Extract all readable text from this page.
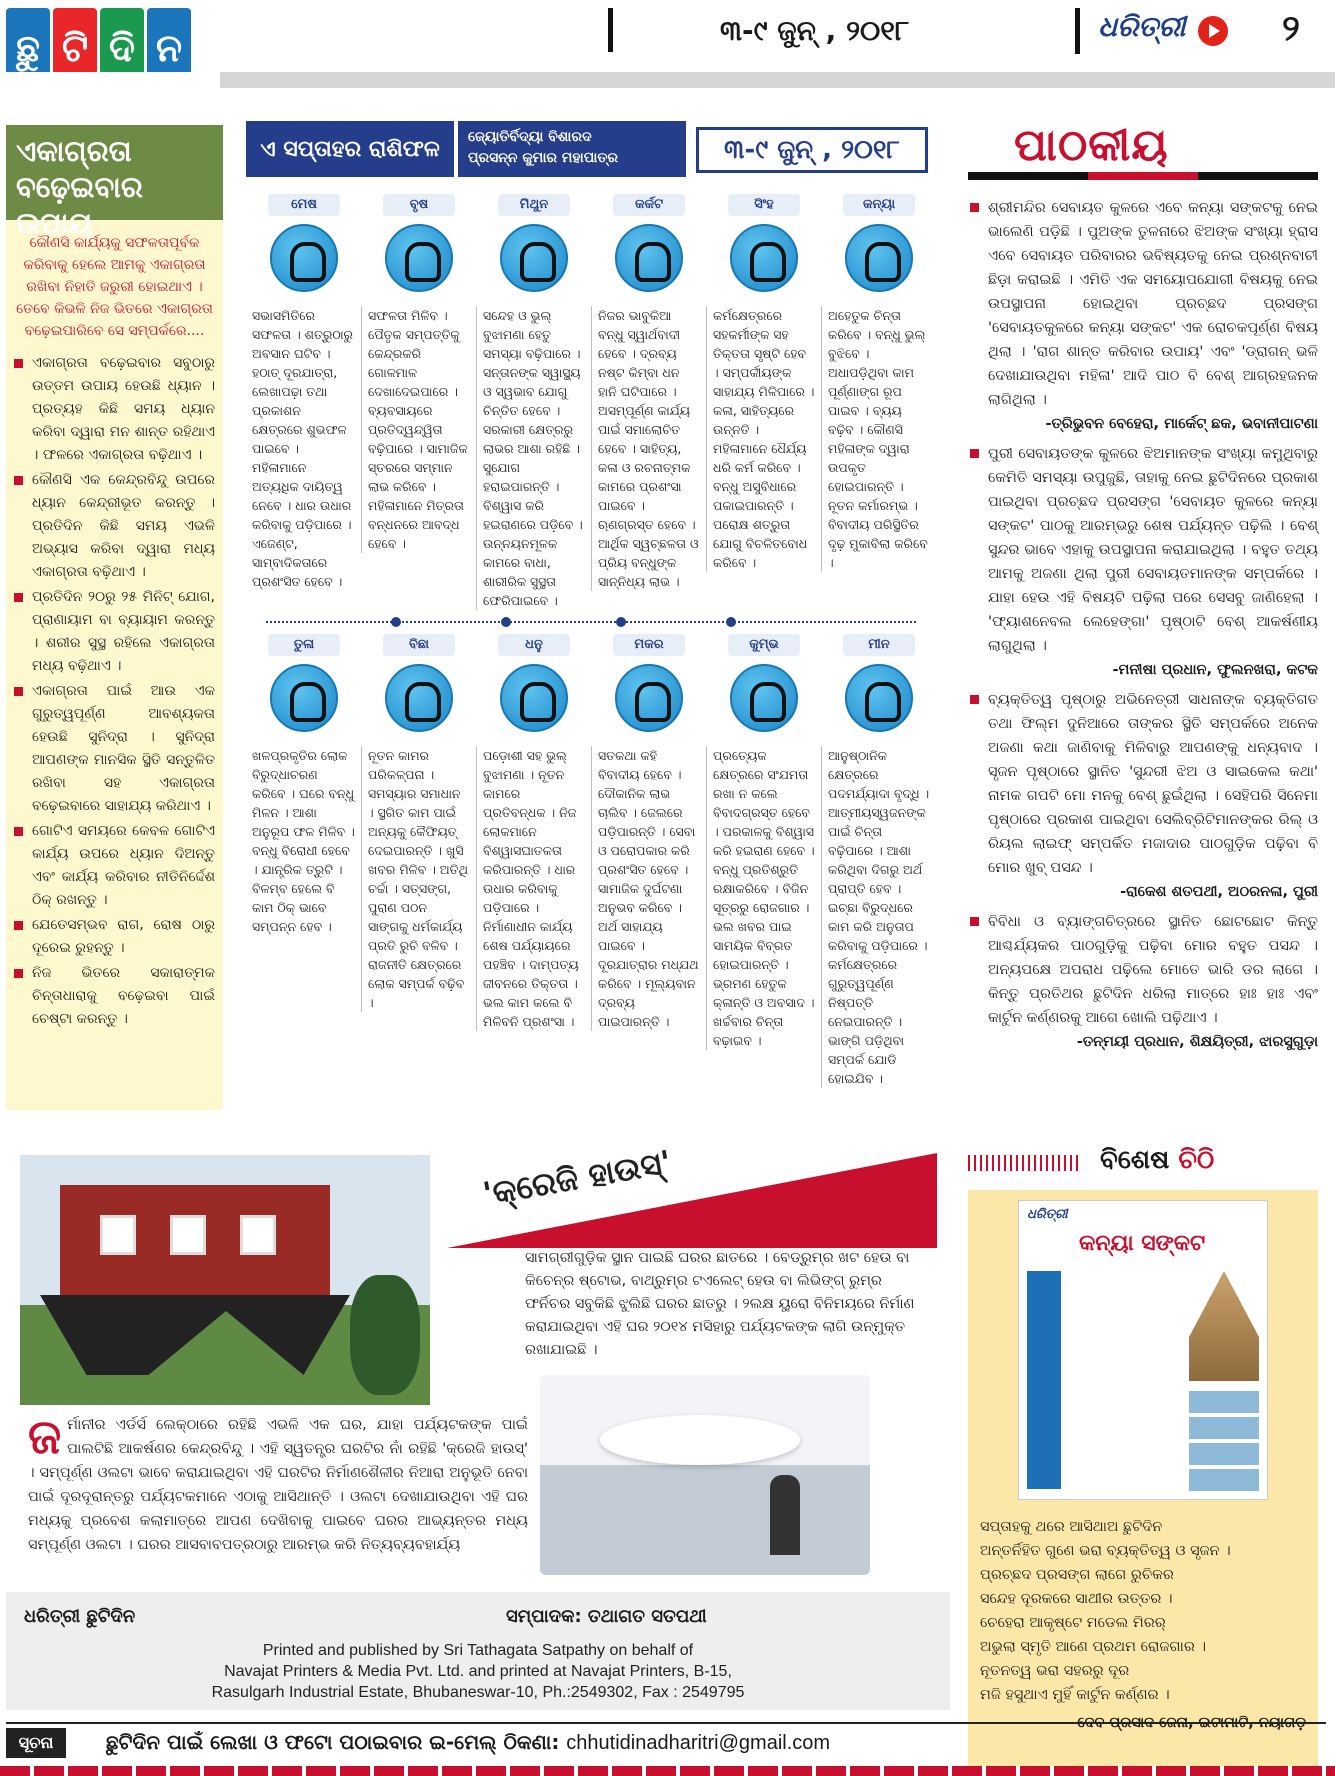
ଛୁ ଟି ଦି ନ	୩-୯ ଜୁନ୍ , ୨୦୧୮	ଧରିତ୍ରୀ	୨
ଏକାଗ୍ରତା ବଢ଼େଇବାର ଉପାୟ

କୌଣସି କାର୍ଯ୍ୟକୁ ସଫଳତାପୂର୍ବକ କରିବାକୁ ହେଲେ ଆମକୁ ଏକାଗ୍ରତା ରଖିବା ନିହାତି ଜରୁରୀ ହୋଇଥାଏ । ତେବେ କିଭଳି ନିଜ ଭିତରେ ଏକାଗ୍ରତା ବଢ଼େଇପାରିବେ ସେ ସମ୍ପର୍କରେ....

ଏକାଗ୍ରତା ବଢ଼େଇବାର ସବୁଠାରୁ ଉତ୍ତମ ଉପାୟ ହେଉଛି ଧ୍ୟାନ । ପ୍ରତ୍ୟହ କିଛି ସମୟ ଧ୍ୟାନ କରିବା ଦ୍ୱାରା ମନ ଶାନ୍ତ ରହିଥାଏ । ଫଳରେ ଏକାଗ୍ରତା ବଢ଼ିଥାଏ ।
କୌଣସି ଏକ କେନ୍ଦ୍ରବିନ୍ଦୁ ଉପରେ ଧ୍ୟାନ କେନ୍ଦ୍ରୀଭୂତ କରନ୍ତୁ । ପ୍ରତିଦିନ କିଛି ସମୟ ଏଭଳି ଅଭ୍ୟାସ କରିବା ଦ୍ୱାରା ମଧ୍ୟ ଏକାଗ୍ରତା ବଢ଼ିଥାଏ ।
ପ୍ରତିଦିନ ୨୦ରୁ ୨୫ ମିନିଟ୍ ଯୋଗ, ପ୍ରାଣାୟାମ ବା ବ୍ୟାୟାମ କରନ୍ତୁ । ଶରୀର ସୁସ୍ଥ ରହିଲେ ଏକାଗ୍ରତା ମଧ୍ୟ ବଢ଼ିଥାଏ ।
ଏକାଗ୍ରତା ପାଇଁ ଆଉ ଏକ ଗୁରୁତ୍ୱପୂର୍ଣ୍ଣ ଆବଶ୍ୟକତା ହେଉଛି ସୁନିଦ୍ରା । ସୁନିଦ୍ରା ଆପଣଙ୍କ ମାନସିକ ସ୍ଥିତି ସନ୍ତୁଳିତ ରଖିବା ସହ ଏକାଗ୍ରତା ବଢ଼େଇବାରେ ସାହାଯ୍ୟ କରିଥାଏ ।
ଗୋଟିଏ ସମୟରେ କେବଳ ଗୋଟିଏ କାର୍ଯ୍ୟ ଉପରେ ଧ୍ୟାନ ଦିଅନ୍ତୁ ଏବଂ କାର୍ଯ୍ୟ କରିବାର ନୀତିନିର୍ଦ୍ଦେଶ ଠିକ୍ ରଖନ୍ତୁ ।
ଯେତେସମ୍ଭବ ରାଗ, ରୋଷ ଠାରୁ ଦୂରେଇ ରୁହନ୍ତୁ ।
ନିଜ ଭିତରେ ସକାରାତ୍ମକ ଚିନ୍ତାଧାରାକୁ ବଢ଼େଇବା ପାଇଁ ଚେଷ୍ଟା କରନ୍ତୁ ।
ଏ ସପ୍ତାହର ରାଶିଫଳ	ଜ୍ୟୋତିର୍ବିଦ୍ୟା ବିଶାରଦ
ପ୍ରସନ୍ନ କୁମାର ମହାପାତ୍ର	୩-୯ ଜୁନ୍ , ୨୦୧୮
ମେଷ

ସଭାସମିତିରେ ସଫଳତା । ଶତ୍ରୁଠାରୁ ଅବସାନ ଘଟିବ । ହଠାତ୍ ଦୂରଯାତ୍ରା, ଲେଖାପଢ଼ା ତଥା ପ୍ରକାଶନ କ୍ଷେତ୍ରରେ ଶୁଭଫଳ ପାଇବେ । ମହିଳାମାନେ ଅତ୍ୟଧିକ ଦାୟିତ୍ୱ ନେବେ । ଧାର ଉଧାର କରିବାକୁ ପଡ଼ିପାରେ । ଏଜେଣ୍ଟ, ସାମ୍ବାଦିକତାରେ ପ୍ରଶଂସିତ ହେବେ ।

ବୃଷ

ସଫଳତା ମିଳିବ । ପୈତୃକ ସମ୍ପତ୍ତିକୁ କେନ୍ଦ୍ରକରି ଗୋଳମାଳ ଦେଖାଦେଇପାରେ । ବ୍ୟବସାୟରେ ପ୍ରତିଦ୍ୱନ୍ଦ୍ୱିତା ବଢ଼ିପାରେ । ସାମାଜିକ ସ୍ତରରେ ସମ୍ମାନ ଲାଭ କରିବେ । ମହିଳାମାନେ ମିତ୍ରତା ବନ୍ଧନରେ ଆବଦ୍ଧ ହେବେ ।

ମିଥୁନ

ସନ୍ଦେହ ଓ ଭୁଲ୍ ବୁଝାମଣା ହେତୁ ସମସ୍ୟା ବଢ଼ିପାରେ । ସନ୍ତାନଙ୍କ ସ୍ୱାସ୍ଥ୍ୟ ଓ ସ୍ୱଭାବ ଯୋଗୁ ଚିନ୍ତିତ ହେବେ । ସରକାରୀ କ୍ଷେତ୍ରରୁ ଲାଭର ଆଶା ରହିଛି । ସୁଯୋଗ ହରାଇପାରନ୍ତି । ବିଶ୍ୱାସ କରି ହଇରାଣରେ ପଡ଼ିବେ । ଉନ୍ନୟନମୂଳକ କାମରେ ବାଧା, ଶାରୀରିକ ସୁସ୍ଥତା ଫେରିପାଇବେ ।

କର୍କଟ

ନିଜର ଭାବୁକିଆ ବନ୍ଧୁ ସ୍ୱାର୍ଥବାଦୀ ହେବେ । ଦ୍ରବ୍ୟ ନଷ୍ଟ କିମ୍ବା ଧନ ହାନି ଘଟିପାରେ । ଅସମ୍ପୂର୍ଣ୍ଣ କାର୍ଯ୍ୟ ପାଇଁ ସମାଲୋଚିତ ହେବେ । ସାହିତ୍ୟ, କଳା ଓ ରଚନାତ୍ମକ କାମରେ ପ୍ରଶଂସା ପାଇବେ । ଋଣଗ୍ରସ୍ତ ହେବେ । ଆର୍ଥିକ ସ୍ୱଚ୍ଛଳତା ଓ ପ୍ରିୟ ବନ୍ଧୁଙ୍କ ସାନ୍ନିଧ୍ୟ ଲାଭ ।

ସିଂହ

କର୍ମକ୍ଷେତ୍ରରେ ସହକର୍ମୀଙ୍କ ସହ ତିକ୍ତତା ସୃଷ୍ଟି ହେବ । ସମ୍ପର୍କୀୟଙ୍କ ସାହାଯ୍ୟ ମିଳିପାରେ । କଳା, ସାହିତ୍ୟରେ ଉନ୍ନତି । ମହିଳାମାନେ ଧୈର୍ଯ୍ୟ ଧରି କର୍ମ କରିବେ । ବନ୍ଧୁ ଅସୁବିଧାରେ ପକାଇପାରନ୍ତି । ପରୋକ୍ଷ ଶତ୍ରୁତା ଯୋଗୁ ବିଚଳିତବୋଧ କରିବେ ।

କନ୍ୟା

ଅହେତୁକ ଚିନ୍ତା କରିବେ । ବନ୍ଧୁ ଭୁଲ୍ ବୁଝିବେ । ଅଧାପଡ଼ିଥିବା କାମ ପୂର୍ଣ୍ଣାଙ୍ଗ ରୂପ ପାଇବ । ବ୍ୟୟ ବଢ଼ିବ । କୌଣସି ମହିଳାଙ୍କ ଦ୍ୱାରା ଉପକୃତ ହୋଇପାରନ୍ତି । ନୂତନ କର୍ମାରମ୍ଭ । ବିବାଦୀୟ ପରିସ୍ଥିତିର ଦୃଢ଼ ମୁକାବିଲା କରିବେ ।

ତୁଳା

ଖଳପ୍ରକୃତିର ଲୋକ ବିରୁଦ୍ଧାଚରଣ କରିବେ । ଘରେ ବନ୍ଧୁ ମିଳନ । ଆଶା ଅନୁରୂପ ଫଳ ମିଳିବ । ବନ୍ଧୁ ବିରୋଧୀ ହେବେ । ଯାନ୍ତ୍ରିକ ତ୍ରୁଟି । ବିଳମ୍ବ ହେଲେ ବି କାମ ଠିକ୍ ଭାବେ ସମ୍ପନ୍ନ ହେବ ।

ବିଛା

ନୂତନ କାମର ପରିକଳ୍ପନା । ସମସ୍ୟାର ସମାଧାନ । ସ୍ଥଗିତ କାମ ପାଇଁ ଅନ୍ୟକୁ କୈଫିୟତ୍ ଦେଇପାରନ୍ତି । ଖୁସି ଖବର ମିଳିବ । ଅତିଥି ଚର୍ଚ୍ଚା । ସତ୍ସଙ୍ଗ, ପୁରାଣ ପଠନ ସାଙ୍ଗକୁ ଧର୍ମକାର୍ଯ୍ୟ ପ୍ରତି ରୁଚି ବଳିବ । ରାଜନୀତି କ୍ଷେତ୍ରରେ ଲୋକ ସମ୍ପର୍କ ବଢ଼ିବ ।

ଧନୁ

ପଡ଼ୋଶୀ ସହ ଭୁଲ୍ ବୁଝାମଣା । ନୂତନ କାମରେ ପ୍ରତିବନ୍ଧକ । ନିଜ ଲୋକମାନେ ବିଶ୍ୱାସଘାତକତା କରିପାରନ୍ତି । ଧାର ଉଧାର କରିବାକୁ ପଡ଼ିପାରେ । ନିର୍ମାଣାଧୀନ କାର୍ଯ୍ୟ ଶେଷ ପର୍ଯ୍ୟାୟରେ ପହଞ୍ଚିବ । ଦାମ୍ପତ୍ୟ ଜୀବନରେ ତିକ୍ତତା । ଭଲ କାମ କଲେ ବି ମିଳିବନି ପ୍ରଶଂସା ।

ମକର

ସତକଥା କହି ବିବାଦୀୟ ହେବେ । ଦୌକାନିକ ଲାଭ ଚାଲିବ । ଜେଲରେ ପଡ଼ିପାରନ୍ତି । ସେବା ଓ ପରୋପକାର କରି ପ୍ରଶଂସିତ ହେବେ । ସାମାଜିକ ଦୁର୍ଘଟଣା ଅନୁଭବ କରିବେ । ଅର୍ଥ ସାହାଯ୍ୟ ପାଇବେ । ଦୂରଯାତ୍ରାର ମଧ୍ଯଥ କରିବେ । ମୂଲ୍ୟବାନ ଦ୍ରବ୍ୟ ପାଇପାରନ୍ତି ।

କୁମ୍ଭ

ପ୍ରତ୍ୟେକ କ୍ଷେତ୍ରରେ ସଂଯମତା ରଖା ନ କଲେ ବିବାଦଗ୍ରସ୍ତ ହେବେ । ପରକାଳକୁ ବିଶ୍ୱାସ କରି ହଇରାଣ ହେବେ । ବନ୍ଧୁ ପ୍ରତିଶ୍ରୁତି ରକ୍ଷାକରିବେ । ବିଜିନ ସୂତ୍ରରୁ ରୋଜଗାର । ଭଲ ଖବର ପାଇ ସାମୟିକ ବିବ୍ରତ ହୋଇପାରନ୍ତି । ଭ୍ରମଣ ହେତୁକ କ୍ଳାନ୍ତି ଓ ଅବସାଦ । ଖର୍ଚ୍ଚବାର ଚିନ୍ତା ବଢ଼ାଇବ ।

ମୀନ

ଆନୁଷ୍ଠାନିକ କ୍ଷେତ୍ରରେ ପଦମର୍ଯ୍ୟାଦା ବୃଦ୍ଧି । ଆତ୍ମୀୟସ୍ୱଜନଙ୍କ ପାଇଁ ଚିନ୍ତା ବଢ଼ିପାରେ । ଆଶା କରିଥିବା ଦିଗରୁ ଅର୍ଥ ପ୍ରାପ୍ତି ହେବ । ଇଚ୍ଛା ବିରୁଦ୍ଧରେ କାମ କରି ଅନୁତାପ କରିବାକୁ ପଡ଼ିପାରେ । କର୍ମକ୍ଷେତ୍ରରେ ଗୁରୁତ୍ୱପୂର୍ଣ୍ଣ ନିଷ୍ପତ୍ତି ନେଇପାରନ୍ତି । ଭାଙ୍ଗି ପଡ଼ିଥିବା ସମ୍ପର୍କ ଯୋଡି ହୋଇଯିବ ।

ପାଠକୀୟ

ଶ୍ରୀମନ୍ଦିର ସେବାୟତ କୁଳରେ ଏବେ କନ୍ୟା ସଙ୍କଟକୁ ନେଇ ଭାଲେଣି ପଡ଼ିଛି । ପୁଅଙ୍କ ତୁଳନାରେ ଝିଅଙ୍କ ସଂଖ୍ୟା ହ୍ରାସ ଏବେ ସେବାୟତ ପରିବାରର ଭବିଷ୍ୟତକୁ ନେଇ ପ୍ରଶ୍ନବାଚୀ ଛିଡ଼ା କରାଇଛି । ଏମିତି ଏକ ସମୟୋପଯୋଗୀ ବିଷୟକୁ ନେଇ ଉପସ୍ଥାପନା ହୋଇଥିବା ପ୍ରଚ୍ଛଦ ପ୍ରସଙ୍ଗ 'ସେବାୟତକୁଳରେ କନ୍ୟା ସଙ୍କଟ' ଏକ ରୋଚକପୂର୍ଣ୍ଣ ବିଷୟ ଥିଲା । 'ରାଗ ଶାନ୍ତ କରିବାର ଉପାୟ' ଏବଂ 'ଡ୍ରାଗନ୍ ଭଳି ଦେଖାଯାଉଥିବା ମହିଳା' ଆଦି ପାଠ ବି ବେଶ୍ ଆଗ୍ରହଜନକ ଲାଗିଥିଲା ।

-ତ୍ରିଭୁବନ ବେହେରା, ମାର୍କେଟ୍ ଛକ, ଭବାନୀପାଟଣା

ପୁରୀ ସେବାୟତଙ୍କ କୁଳରେ ଝିଅମାନଙ୍କ ସଂଖ୍ୟା କମୁଥିବାରୁ କେମିତି ସମସ୍ୟା ଉପୁଜୁଛି, ତାହାକୁ ନେଇ ଛୁଟିଦିନରେ ପ୍ରକାଶ ପାଇଥିବା ପ୍ରଚ୍ଛଦ ପ୍ରସଙ୍ଗ 'ସେବାୟତ କୁଳରେ କନ୍ୟା ସଙ୍କଟ' ପାଠକୁ ଆରମ୍ଭରୁ ଶେଷ ପର୍ଯ୍ୟନ୍ତ ପଢ଼ିଲି । ବେଶ୍ ସୁନ୍ଦର ଭାବେ ଏହାକୁ ଉପସ୍ଥାପନା କରାଯାଇଥିଲା । ବହୁତ ତଥ୍ୟ ଆମକୁ ଅଜଣା ଥିଲା ପୁରୀ ସେବାୟତମାନଙ୍କ ସମ୍ପର୍କରେ । ଯାହା ହେଉ ଏହି ବିଷୟଟି ପଢ଼ିଲା ପରେ ସେସବୁ ଜାଣିହେଲା । 'ଫ୍ୟାଶନେବଲ ଲେହେଙ୍ଗା' ପୃଷ୍ଠାଟି ବେଶ୍ ଆକର୍ଷଣୀୟ ଲାଗୁଥିଲା ।

-ମନୀଷା ପ୍ରଧାନ, ଫୁଲନଖରା, କଟକ

ବ୍ୟକ୍ତିତ୍ୱ ପୃଷ୍ଠାରୁ ଅଭିନେତ୍ରୀ ସାଧନାଙ୍କ ବ୍ୟକ୍ତିଗତ ତଥା ଫିଲ୍ମ ଦୁନିଆରେ ତାଙ୍କର ସ୍ଥିତି ସମ୍ପର୍କରେ ଅନେକ ଅଜଣା କଥା ଜାଣିବାକୁ ମିଳିବାରୁ ଆପଣଙ୍କୁ ଧନ୍ୟବାଦ । ସୃଜନ ପୃଷ୍ଠାରେ ସ୍ଥାନିତ 'ସୁନ୍ଦରୀ ଝିଅ ଓ ସାଇକେଲ କଥା' ନାମକ ଗପଟି ମୋ ମନକୁ ବେଶ୍ ଛୁଇଁଥିଲା । ସେହିପରି ସିନେମା ପୃଷ୍ଠାରେ ପ୍ରକାଶ ପାଇଥିବା ସେଲିବ୍ରିଟିମାନଙ୍କର ରିଲ୍ ଓ ରିୟଲ ଲାଇଫ୍ ସମ୍ପର୍କିତ ମଜାଦାର ପାଠଗୁଡ଼ିକ ପଢ଼ିବା ବି ମୋର ଖୁବ୍ ପସନ୍ଦ ।

-ରାକେଶ ଶତପଥୀ, ଅଠରନଳା, ପୁରୀ

ବିବିଧା ଓ ବ୍ୟାଙ୍ଗଚିତ୍ରରେ ସ୍ଥାନିତ ଛୋଟଛୋଟ କିନ୍ତୁ ଆଶ୍ଚର୍ଯ୍ୟକର ପାଠଗୁଡ଼ିକୁ ପଢ଼ିବା ମୋର ବହୁତ ପସନ୍ଦ । ଅନ୍ୟପକ୍ଷେ ଅପରାଧ ପଢ଼ିଲେ ମୋତେ ଭାରି ଡର ଲାଗେ । କିନ୍ତୁ ପ୍ରତିଥର ଛୁଟିଦିନ ଧରିଲା ମାତ୍ରେ ହାଃ ହାଃ ଏବଂ କାର୍ଟୁନ କର୍ଣ୍ଣରକୁ ଆଗେ ଖୋଲି ପଢ଼ିଥାଏ ।

-ତନ୍ମୟୀ ପ୍ରଧାନ, ଶିକ୍ଷୟିତ୍ରୀ, ଝାରସୁଗୁଡ଼ା
ବିଶେଷ ଚିଠି
ଧରିତ୍ରୀ
କନ୍ୟା ସଙ୍କଟ

ସପ୍ତାହକୁ ଥରେ ଆସିଥାଅ ଛୁଟିଦିନ

ଅନ୍ତର୍ନିହିତ ଗୁଣେ ଭରା ବ୍ୟକ୍ତିତ୍ୱ ଓ ସୃଜନ ।

ପ୍ରଚ୍ଛଦ ପ୍ରସଙ୍ଗ ଲାଗେ ରୁଚିକର

ସନ୍ଦେହ ଦୂରକରେ ସାଥୀର ଉତ୍ତର ।

ଚେହେରା ଆକୃଷ୍ଟେ ମଡେଲ ମିରର୍

ଅଭୁଲା ସ୍ମୃତି ଆଣେ ପ୍ରଥମ ରୋଜଗାର ।

ନୂତନତ୍ୱ ଭରା ସହରରୁ ଦୂର

ମଜି ହସୁଥାଏ ମୁହିଁ କାର୍ଟୁନ କର୍ଣ୍ଣର ।

-ଦେବ ପ୍ରସାଦ ଜେନା, ଇଟାମାଟି, ନୟାଗଡ଼

'କ୍ରେଜି ହାଉସ୍'

ସାମଗ୍ରୀଗୁଡ଼ିକ ସ୍ଥାନ ପାଇଛି ଘରର ଛାତରେ । ବେଡ୍‌ରୁମ୍‌ର ଖଟ ହେଉ ବା କିଚେନ୍‌ର ଷ୍ଟୋଭ, ବାଥ୍‌ରୁମ୍‌ର ଟଏଲେଟ୍ ହେଉ ବା ଲିଭିଙ୍ଗ୍ ରୁମ୍‌ର ଫର୍ନିଚର ସବୁକିଛି ଝୁଲିଛି ଘରର ଛାତରୁ । ୨ଲକ୍ଷ ୟୁରୋ ବିନିମୟରେ ନିର୍ମାଣ କରାଯାଇଥିବା ଏହି ଘର ୨୦୧୪ ମସିହାରୁ ପର୍ଯ୍ୟଟକଙ୍କ ଲାଗି ଉନ୍ମୁକ୍ତ ରଖାଯାଇଛି ।

ଜର୍ମାନୀର ଏର୍ଡର୍ସ ଲେକ୍‌ଠାରେ ରହିଛି ଏଭଳି ଏକ ଘର, ଯାହା ପର୍ଯ୍ୟଟକଙ୍କ ପାଇଁ ପାଲଟିଛି ଆକର୍ଷଣର କେନ୍ଦ୍ରବିନ୍ଦୁ । ଏହି ସ୍ୱତନ୍ତ୍ର ଘରଟିର ନାଁ ରହିଛି 'କ୍ରେଜି ହାଉସ୍' । ସମ୍ପୂର୍ଣ୍ଣ ଓଲଟା ଭାବେ କରାଯାଇଥିବା ଏହି ଘରଟିର ନିର୍ମାଣଶୈଳୀର ନିଆରା ଅନୁଭୂତି ନେବା ପାଇଁ ଦୂରଦୂରାନ୍ତରୁ ପର୍ଯ୍ୟଟକମାନେ ଏଠାକୁ ଆସିଥାନ୍ତି । ଓଲଟା ଦେଖାଯାଉଥିବା ଏହି ଘର ମଧ୍ୟକୁ ପ୍ରବେଶ କଲାମାତ୍ରେ ଆପଣ ଦେଖିବାକୁ ପାଇବେ ଘରର ଆଭ୍ୟନ୍ତର ମଧ୍ୟ ସମ୍ପୂର୍ଣ୍ଣ ଓଲଟା । ଘରର ଆସବାବପତ୍ରଠାରୁ ଆରମ୍ଭ କରି ନିତ୍ୟବ୍ୟବହାର୍ଯ୍ୟ

ଧରିତ୍ରୀ ଛୁଟିଦିନ	ସମ୍ପାଦକ: ତଥାଗତ ସତପଥୀ
Printed and published by Sri Tathagata Satpathy on behalf of
Navajat Printers & Media Pvt. Ltd. and printed at Navajat Printers, B-15,
Rasulgarh Industrial Estate, Bhubaneswar-10, Ph.:2549302, Fax : 2549795
ସୂଚନା	ଛୁଟିଦିନ ପାଇଁ ଲେଖା ଓ ଫଟୋ ପଠାଇବାର ଇ-ମେଲ୍ ଠିକଣା: chhutidinadharitri@gmail.com
